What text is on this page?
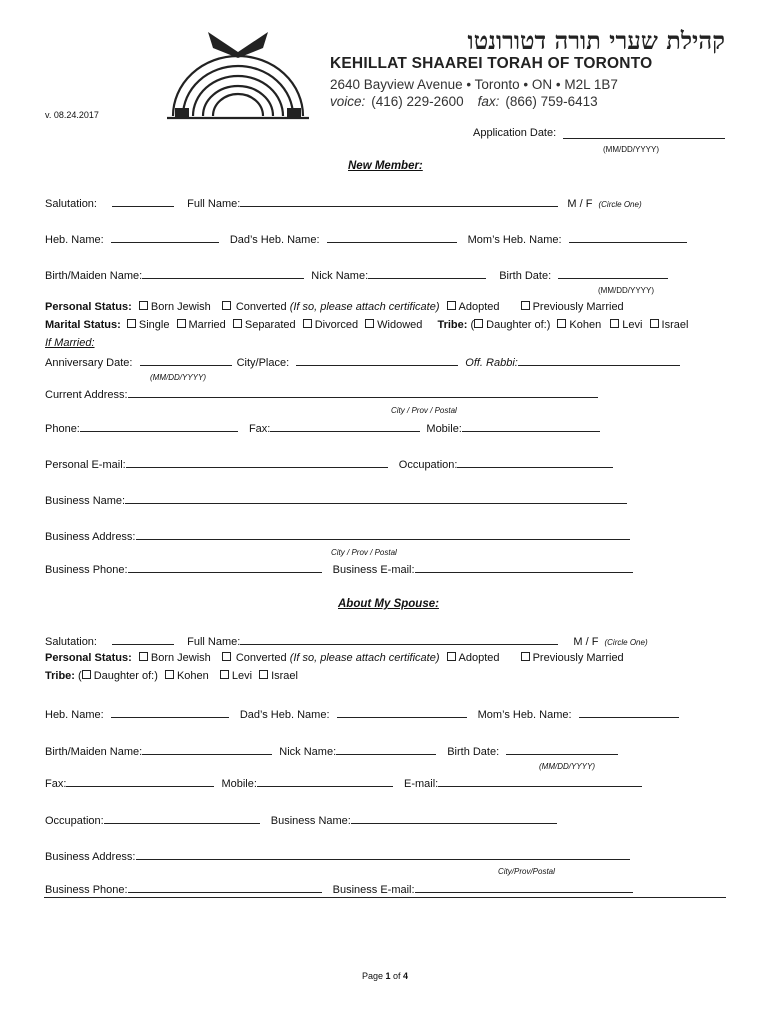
קהילת שערי תורה דטורונטו
KEHILLAT SHAAREI TORAH OF TORONTO
2640 Bayview Avenue • Toronto • ON • M2L 1B7
voice: (416) 229-2600 fax: (866) 759-6413
v. 08.24.2017
Application Date:
(MM/DD/YYYY)
New Member:
Salutation:	Full Name:	M / F (Circle One)
Heb. Name:	Dad’s Heb. Name:	Mom’s Heb. Name:
Birth/Maiden Name:	Nick Name:	Birth Date:
(MM/DD/YYYY)
Personal Status: Born Jewish Converted (If so, please attach certificate) Adopted	Previously Married
Marital Status: Single Married Separated Divorced Widowed Tribe: ( Daughter of:) Kohen Levi Israel
If Married:
Anniversary Date:	City/Place:	Off. Rabbi:
(MM/DD/YYYY)
Current Address:
City / Prov / Postal
Phone:	Fax:	Mobile:
Personal E-mail:	Occupation:
Business Name:
Business Address:
City / Prov / Postal
Business Phone:	Business E-mail:
About My Spouse:
Salutation:	Full Name:	M / F (Circle One)
Personal Status: Born Jewish Converted (If so, please attach certificate) Adopted	Previously Married
Tribe: ( Daughter of:) Kohen Levi Israel
Heb. Name:	Dad’s Heb. Name:	Mom’s Heb. Name:
Birth/Maiden Name:	Nick Name:	Birth Date:
(MM/DD/YYYY)
Fax:	Mobile:	E-mail:
Occupation:	Business Name:
Business Address:
City/Prov/Postal
Business Phone:	Business E-mail:
Page 1 of 4
